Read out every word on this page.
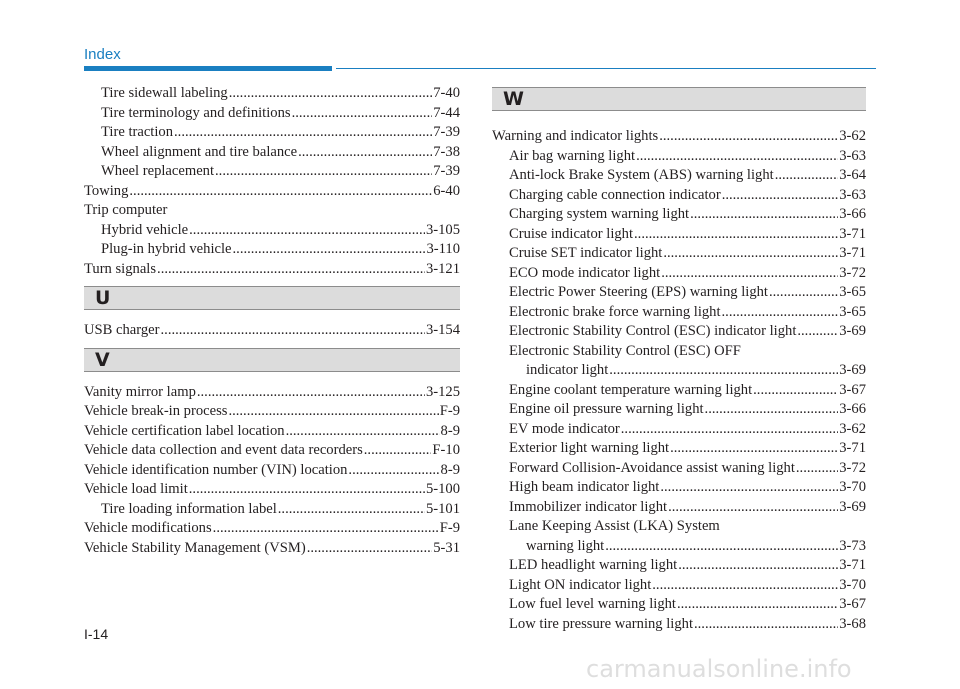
Index
Tire sidewall labeling .....	7-40
Tire terminology and definitions .....	7-44
Tire traction .....	7-39
Wheel alignment and tire balance .....	7-38
Wheel replacement .....	7-39
Towing .....	6-40
Trip computer
Hybrid vehicle .....	3-105
Plug-in hybrid vehicle .....	3-110
Turn signals .....	3-121
U
USB charger .....	3-154
V
Vanity mirror lamp .....	3-125
Vehicle break-in process .....	F-9
Vehicle certification label location .....	8-9
Vehicle data collection and event data recorders .....	F-10
Vehicle identification number (VIN) location .....	8-9
Vehicle load limit .....	5-100
Tire loading information label .....	5-101
Vehicle modifications .....	F-9
Vehicle Stability Management (VSM) .....	5-31
W
Warning and indicator lights .....	3-62
Air bag warning light .....	3-63
Anti-lock Brake System (ABS) warning light .....	3-64
Charging cable connection indicator .....	3-63
Charging system warning light .....	3-66
Cruise indicator light .....	3-71
Cruise SET indicator light .....	3-71
ECO mode indicator light .....	3-72
Electric Power Steering (EPS) warning light .....	3-65
Electronic brake force warning light .....	3-65
Electronic Stability Control (ESC) indicator light .....	3-69
Electronic Stability Control (ESC) OFF
indicator light .....	3-69
Engine coolant temperature warning light .....	3-67
Engine oil pressure warning light .....	3-66
EV mode indicator .....	3-62
Exterior light warning light .....	3-71
Forward Collision-Avoidance assist waning light .....	3-72
High beam indicator light .....	3-70
Immobilizer indicator light .....	3-69
Lane Keeping Assist (LKA) System
warning light .....	3-73
LED headlight warning light .....	3-71
Light ON indicator light .....	3-70
Low fuel level warning light .....	3-67
Low tire pressure warning light .....	3-68
I-14
carmanualsonline.info
